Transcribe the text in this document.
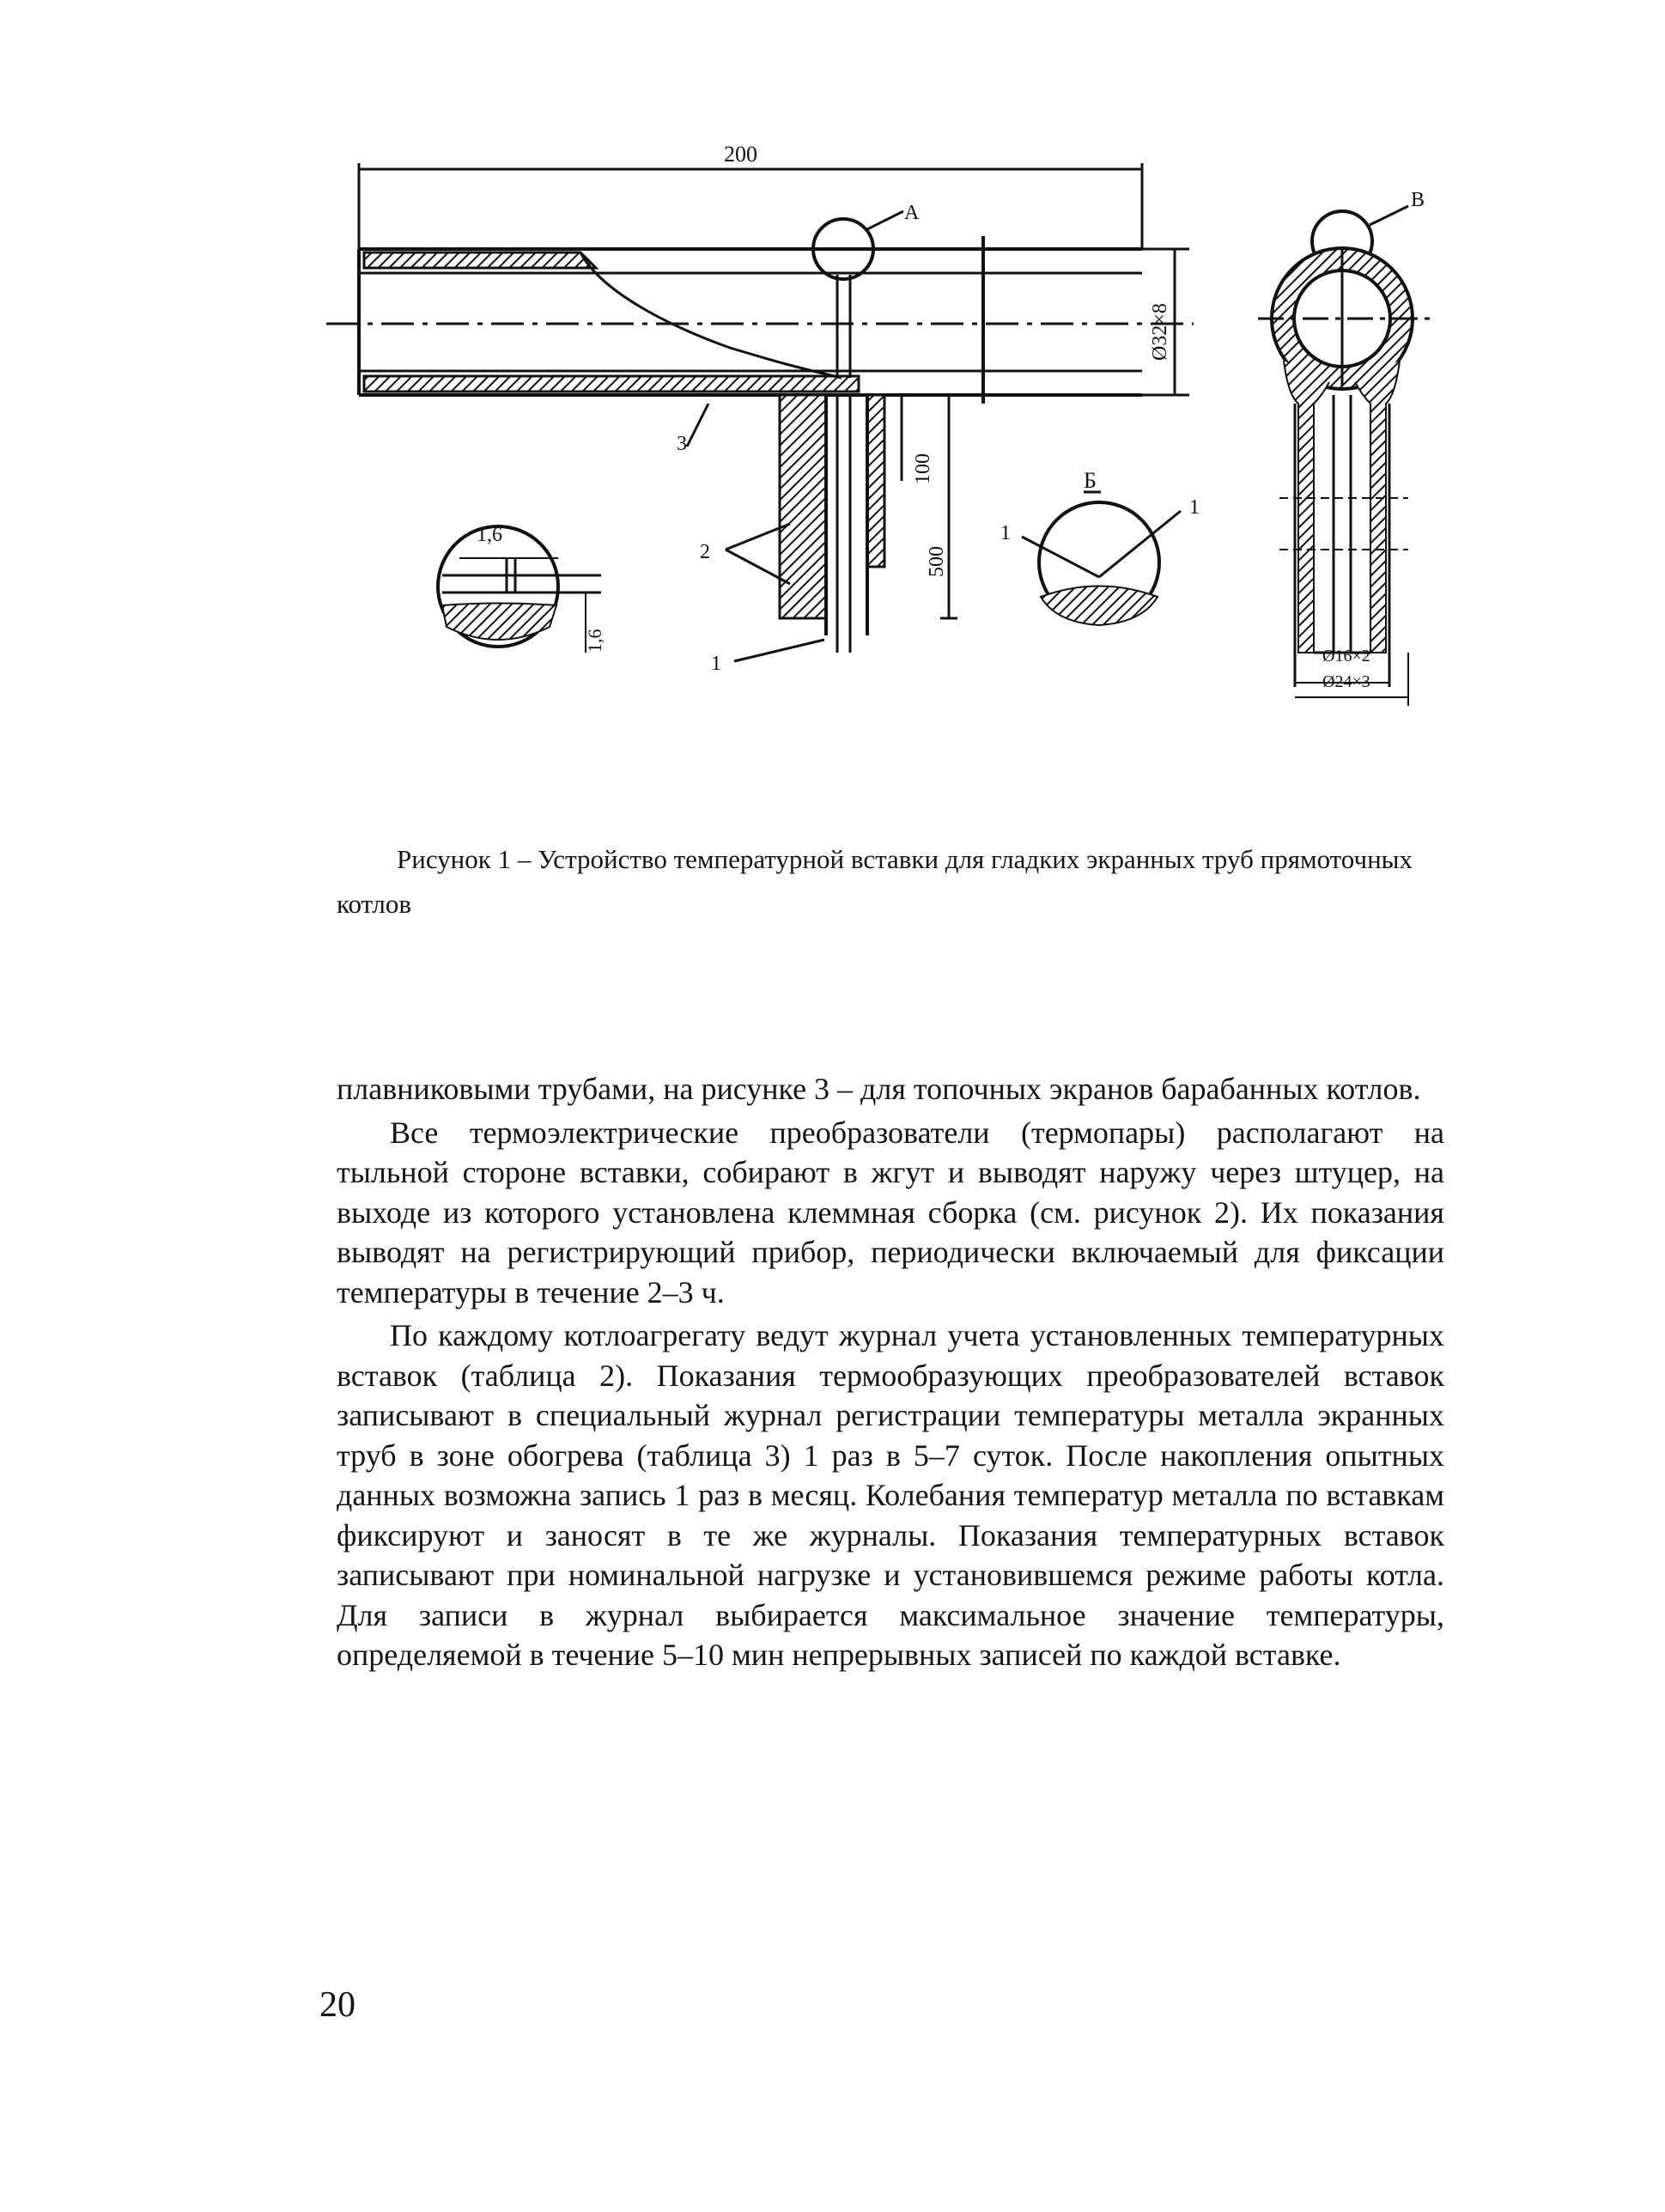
200
A
B
Ø32×8
100
500
1,6
1,6
Б
Ø16×2
Ø24×3
3
2
1
1
1

Рисунок 1 – Устройство температурной вставки для гладких экранных труб прямоточных котлов

плавниковыми трубами, на рисунке 3 – для топочных экранов барабанных котлов.

Все термоэлектрические преобразователи (термопары) располагают на тыльной стороне вставки, собирают в жгут и выводят наружу через штуцер, на выходе из которого установлена клеммная сборка (см. рисунок 2). Их показания выводят на регистрирующий прибор, периодически включаемый для фиксации температуры в течение 2–3 ч.

По каждому котлоагрегату ведут журнал учета установленных температурных вставок (таблица 2). Показания термообразующих преобразователей вставок записывают в специальный журнал регистрации температуры металла экранных труб в зоне обогрева (таблица 3) 1 раз в 5–7 суток. После накопления опытных данных возможна запись 1 раз в месяц. Колебания температур металла по вставкам фиксируют и заносят в те же журналы. Показания температурных вставок записывают при номинальной нагрузке и установившемся режиме работы котла. Для записи в журнал выбирается максимальное значение температуры, определяемой в течение 5–10 мин непрерывных записей по каждой вставке.

20
